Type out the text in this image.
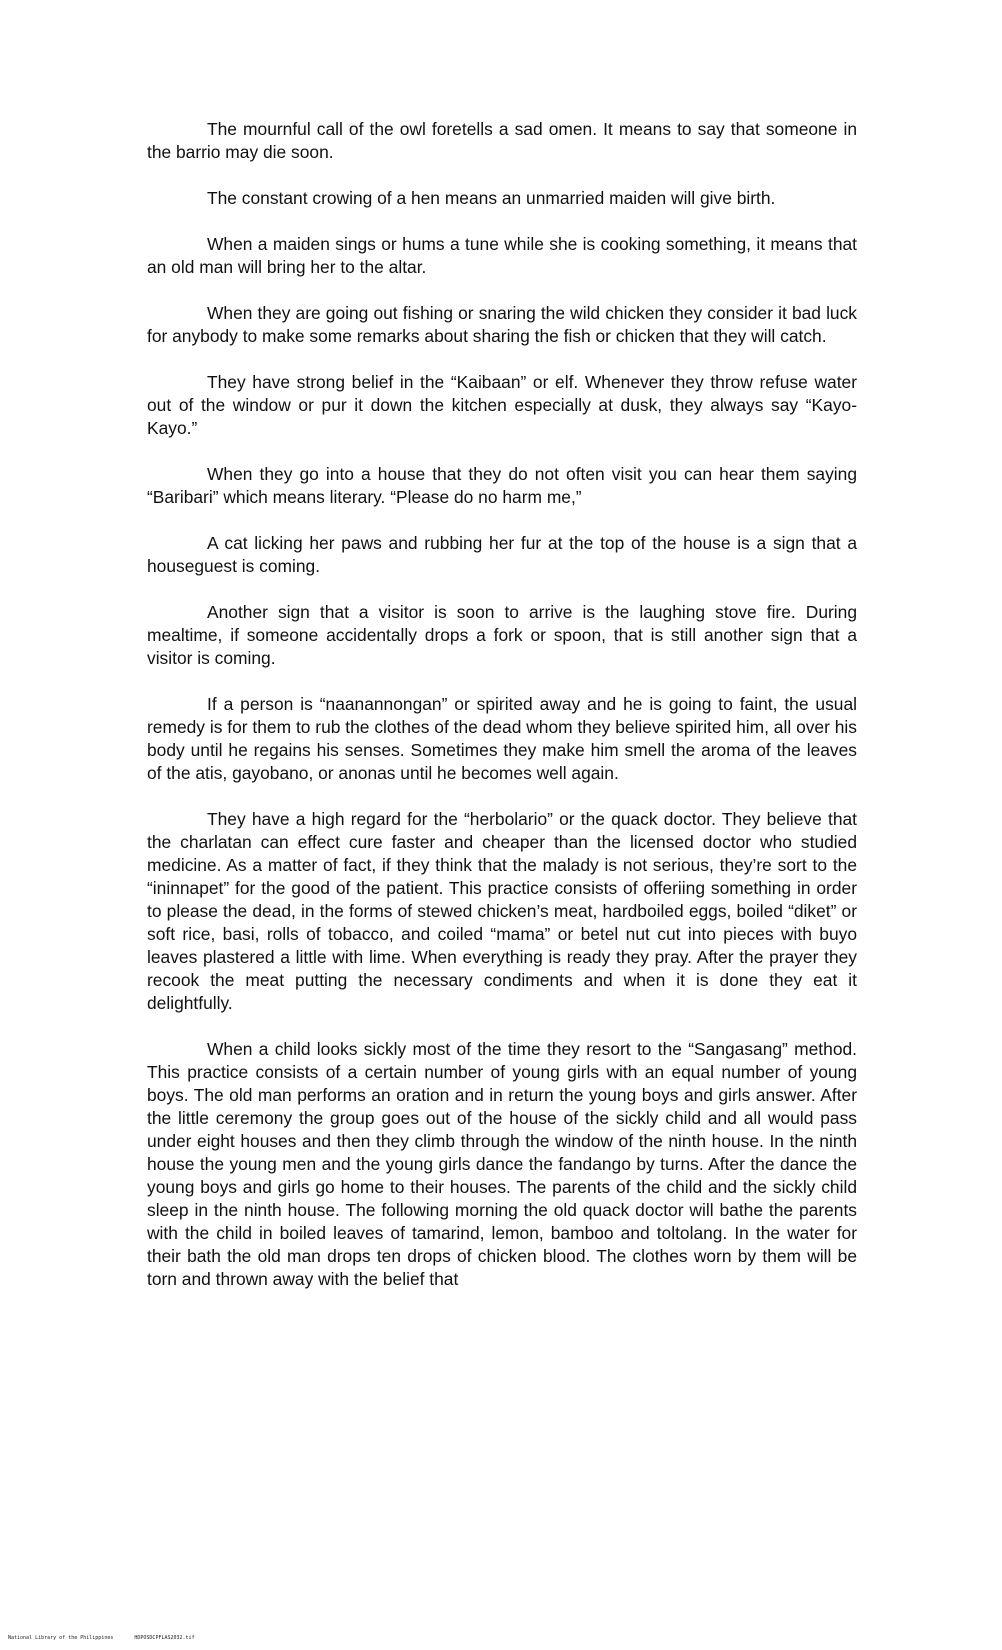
The mournful call of the owl foretells a sad omen. It means to say that someone in the barrio may die soon.

The constant crowing of a hen means an unmarried maiden will give birth.

When a maiden sings or hums a tune while she is cooking something, it means that an old man will bring her to the altar.

When they are going out fishing or snaring the wild chicken they consider it bad luck for anybody to make some remarks about sharing the fish or chicken that they will catch.

They have strong belief in the “Kaibaan” or elf. Whenever they throw refuse water out of the window or pur it down the kitchen especially at dusk, they always say “Kayo-Kayo.”

When they go into a house that they do not often visit you can hear them saying “Baribari” which means literary. “Please do no harm me,”

A cat licking her paws and rubbing her fur at the top of the house is a sign that a houseguest is coming.

Another sign that a visitor is soon to arrive is the laughing stove fire. During mealtime, if someone accidentally drops a fork or spoon, that is still another sign that a visitor is coming.

If a person is “naanannongan” or spirited away and he is going to faint, the usual remedy is for them to rub the clothes of the dead whom they believe spirited him, all over his body until he regains his senses. Sometimes they make him smell the aroma of the leaves of the atis, gayobano, or anonas until he becomes well again.

They have a high regard for the “herbolario” or the quack doctor. They believe that the charlatan can effect cure faster and cheaper than the licensed doctor who studied medicine. As a matter of fact, if they think that the malady is not serious, they’re sort to the “ininnapet” for the good of the patient. This practice consists of offeriing something in order to please the dead, in the forms of stewed chicken’s meat, hardboiled eggs, boiled “diket” or soft rice, basi, rolls of tobacco, and coiled “mama” or betel nut cut into pieces with buyo leaves plastered a little with lime. When everything is ready they pray. After the prayer they recook the meat putting the necessary condiments and when it is done they eat it delightfully.

When a child looks sickly most of the time they resort to the “Sangasang” method. This practice consists of a certain number of young girls with an equal number of young boys. The old man performs an oration and in return the young boys and girls answer. After the little ceremony the group goes out of the house of the sickly child and all would pass under eight houses and then they climb through the window of the ninth house. In the ninth house the young men and the young girls dance the fandango by turns. After the dance the young boys and girls go home to their houses. The parents of the child and the sickly child sleep in the ninth house. The following morning the old quack doctor will bathe the parents with the child in boiled leaves of tamarind, lemon, bamboo and toltolang. In the water for their bath the old man drops ten drops of chicken blood. The clothes worn by them will be torn and thrown away with the belief that

National Library of the Philippines	HDPOSDCPFLAS2032.tif
